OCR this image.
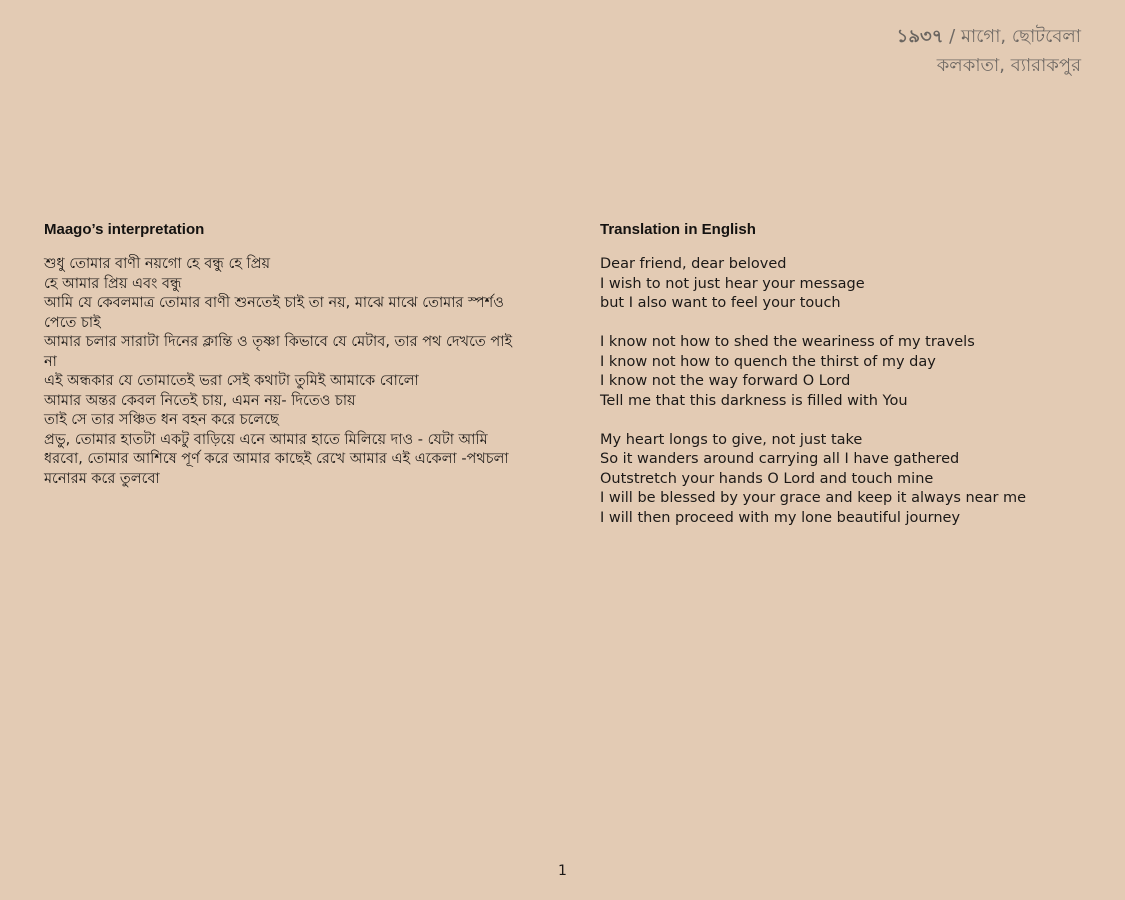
১৯৩৭ / মাগো, ছোটবেলা
কলকাতা, ব্যারাকপুর
Maago’s interpretation
শুধু তোমার বাণী নয়গো হে বন্ধু হে প্রিয়
হে আমার প্রিয় এবং বন্ধু
আমি যে কেবলমাত্র তোমার বাণী শুনতেই চাই তা নয়, মাঝে মাঝে তোমার স্পর্শও
পেতে চাই
আমার চলার সারাটা দিনের ক্লান্তি ও তৃষ্ণা কিভাবে যে মেটাব, তার পথ দেখতে পাই
না
এই অন্ধকার যে তোমাতেই ভরা সেই কথাটা তুমিই আমাকে বোলো
আমার অন্তর কেবল নিতেই চায়, এমন নয়- দিতেও চায়
তাই সে তার সঞ্চিত ধন বহন করে চলেছে
প্রভু, তোমার হাতটা একটু বাড়িয়ে এনে আমার হাতে মিলিয়ে দাও - যেটা আমি
ধরবো, তোমার আশিষে পূর্ণ করে আমার কাছেই রেখে আমার এই একেলা -পথচলা
মনোরম করে তুলবো
Translation in English
Dear friend, dear beloved
I wish to not just hear your message
but I also want to feel your touch
I know not how to shed the weariness of my travels
I know not how to quench the thirst of my day
I know not the way forward O Lord
Tell me that this darkness is filled with You
My heart longs to give, not just take
So it wanders around carrying all I have gathered
Outstretch your hands O Lord and touch mine
I will be blessed by your grace and keep it always near me
I will then proceed with my lone beautiful journey
1
